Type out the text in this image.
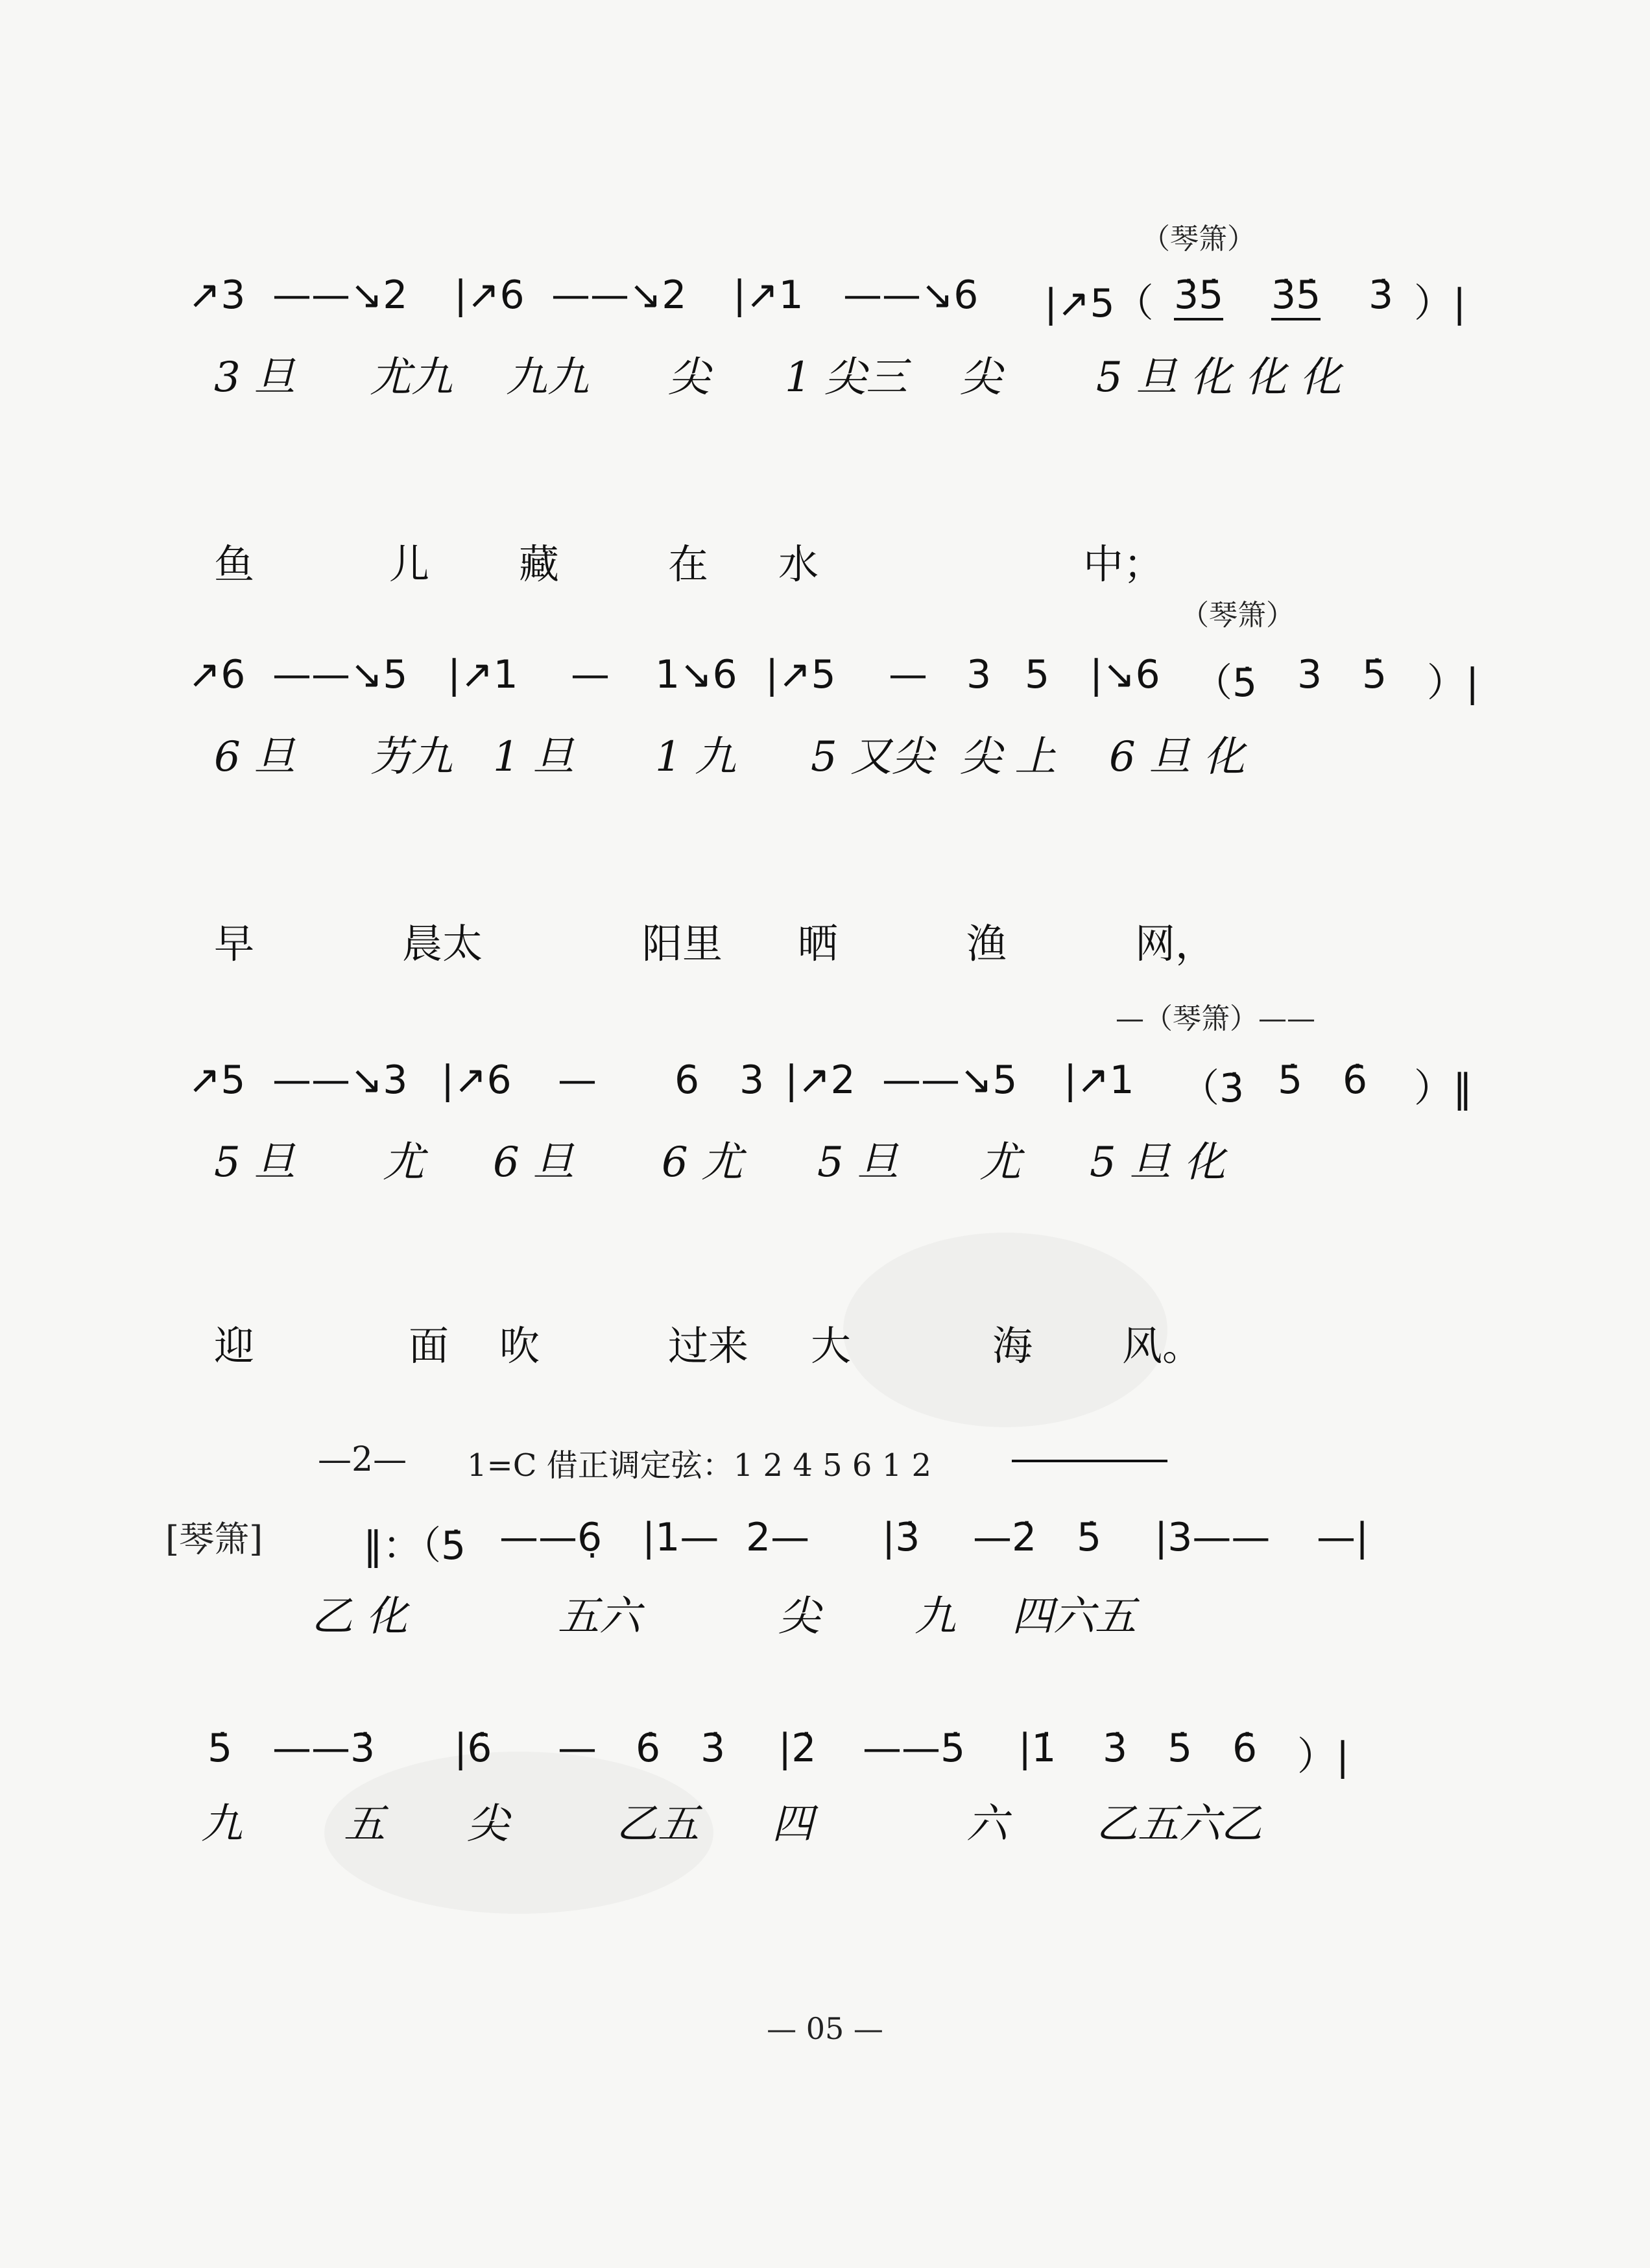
（琴箫）
↗3 ——↘2 |↗6 ——↘2 |↗1 ——↘6 |↗5（ 3̇5̇ 3̇5̇ 3̇ ）|
3 旦 尤九 九九 尖 1 尖三 尖 5 旦 化 化 化
鱼	儿 藏	在 水	中；
（琴箫）
↗6 ——↘5 |↗1 — 1↘6 |↗5 — 3 5 |↘6 （5̇ 3 5̇ ）|
6 旦 艻九 1 旦 1 九 5 又尖 尖 上 6 旦 化
早	晨太	阳里 晒	渔	网，
—（琴箫）——
↗5 ——↘3 |↗6 — 6 3 |↗2 ——↘5 |↗1 （3̇ 5̇ 6̇ ）‖
5 旦 尤 6 旦 6 尤 5 旦 尤 5 旦 化
迎	面 吹	过来 大	海 风。
—2— 1=C 借正调定弦：1 2 4 5 6 1 2
[琴箫]	‖：（5̇ ——6̣ |1— 2— |3̇ —2̇ 5̇ |3—— —|
乙 化	五六	尖 九 四六五
5̇ ——3̇ |6̇ — 6̇ 3̇ |2̇ ——5̇ |1̇ 3̇ 5̇ 6̇ ）|
九 五 尖	乙五 四	六 乙五六乙
— 05 —
